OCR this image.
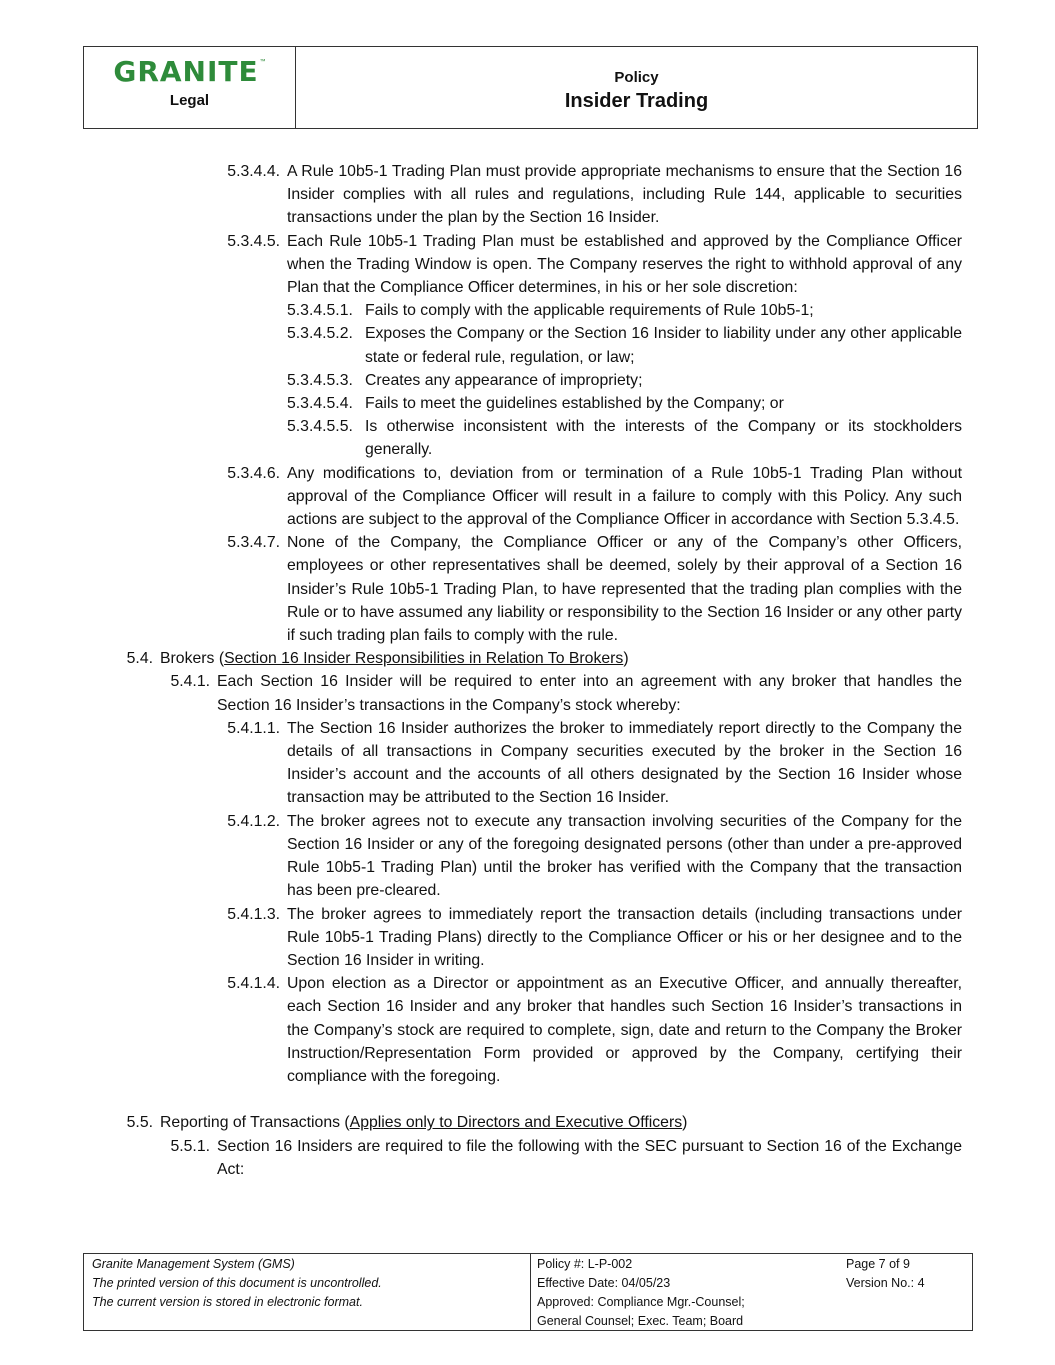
GRANITE ™
Legal
Policy
Insider Trading
5.3.4.4. A Rule 10b5-1 Trading Plan must provide appropriate mechanisms to ensure that the Section 16 Insider complies with all rules and regulations, including Rule 144, applicable to securities transactions under the plan by the Section 16 Insider.
5.3.4.5. Each Rule 10b5-1 Trading Plan must be established and approved by the Compliance Officer when the Trading Window is open. The Company reserves the right to withhold approval of any Plan that the Compliance Officer determines, in his or her sole discretion:
5.3.4.5.1. Fails to comply with the applicable requirements of Rule 10b5-1;
5.3.4.5.2. Exposes the Company or the Section 16 Insider to liability under any other applicable state or federal rule, regulation, or law;
5.3.4.5.3. Creates any appearance of impropriety;
5.3.4.5.4. Fails to meet the guidelines established by the Company; or
5.3.4.5.5. Is otherwise inconsistent with the interests of the Company or its stockholders generally.
5.3.4.6. Any modifications to, deviation from or termination of a Rule 10b5-1 Trading Plan without approval of the Compliance Officer will result in a failure to comply with this Policy. Any such actions are subject to the approval of the Compliance Officer in accordance with Section 5.3.4.5.
5.3.4.7. None of the Company, the Compliance Officer or any of the Company’s other Officers, employees or other representatives shall be deemed, solely by their approval of a Section 16 Insider’s Rule 10b5-1 Trading Plan, to have represented that the trading plan complies with the Rule or to have assumed any liability or responsibility to the Section 16 Insider or any other party if such trading plan fails to comply with the rule.
5.4. Brokers (Section 16 Insider Responsibilities in Relation To Brokers)
5.4.1. Each Section 16 Insider will be required to enter into an agreement with any broker that handles the Section 16 Insider’s transactions in the Company’s stock whereby:
5.4.1.1. The Section 16 Insider authorizes the broker to immediately report directly to the Company the details of all transactions in Company securities executed by the broker in the Section 16 Insider’s account and the accounts of all others designated by the Section 16 Insider whose transaction may be attributed to the Section 16 Insider.
5.4.1.2. The broker agrees not to execute any transaction involving securities of the Company for the Section 16 Insider or any of the foregoing designated persons (other than under a pre-approved Rule 10b5-1 Trading Plan) until the broker has verified with the Company that the transaction has been pre-cleared.
5.4.1.3. The broker agrees to immediately report the transaction details (including transactions under Rule 10b5-1 Trading Plans) directly to the Compliance Officer or his or her designee and to the Section 16 Insider in writing.
5.4.1.4. Upon election as a Director or appointment as an Executive Officer, and annually thereafter, each Section 16 Insider and any broker that handles such Section 16 Insider’s transactions in the Company’s stock are required to complete, sign, date and return to the Company the Broker Instruction/Representation Form provided or approved by the Company, certifying their compliance with the foregoing.
5.5. Reporting of Transactions (Applies only to Directors and Executive Officers)
5.5.1. Section 16 Insiders are required to file the following with the SEC pursuant to Section 16 of the Exchange Act:
Granite Management System (GMS)
The printed version of this document is uncontrolled.
The current version is stored in electronic format.
Policy #: L-P-002
Effective Date: 04/05/23
Approved: Compliance Mgr.-Counsel;
General Counsel; Exec. Team; Board
Page 7 of 9
Version No.: 4
